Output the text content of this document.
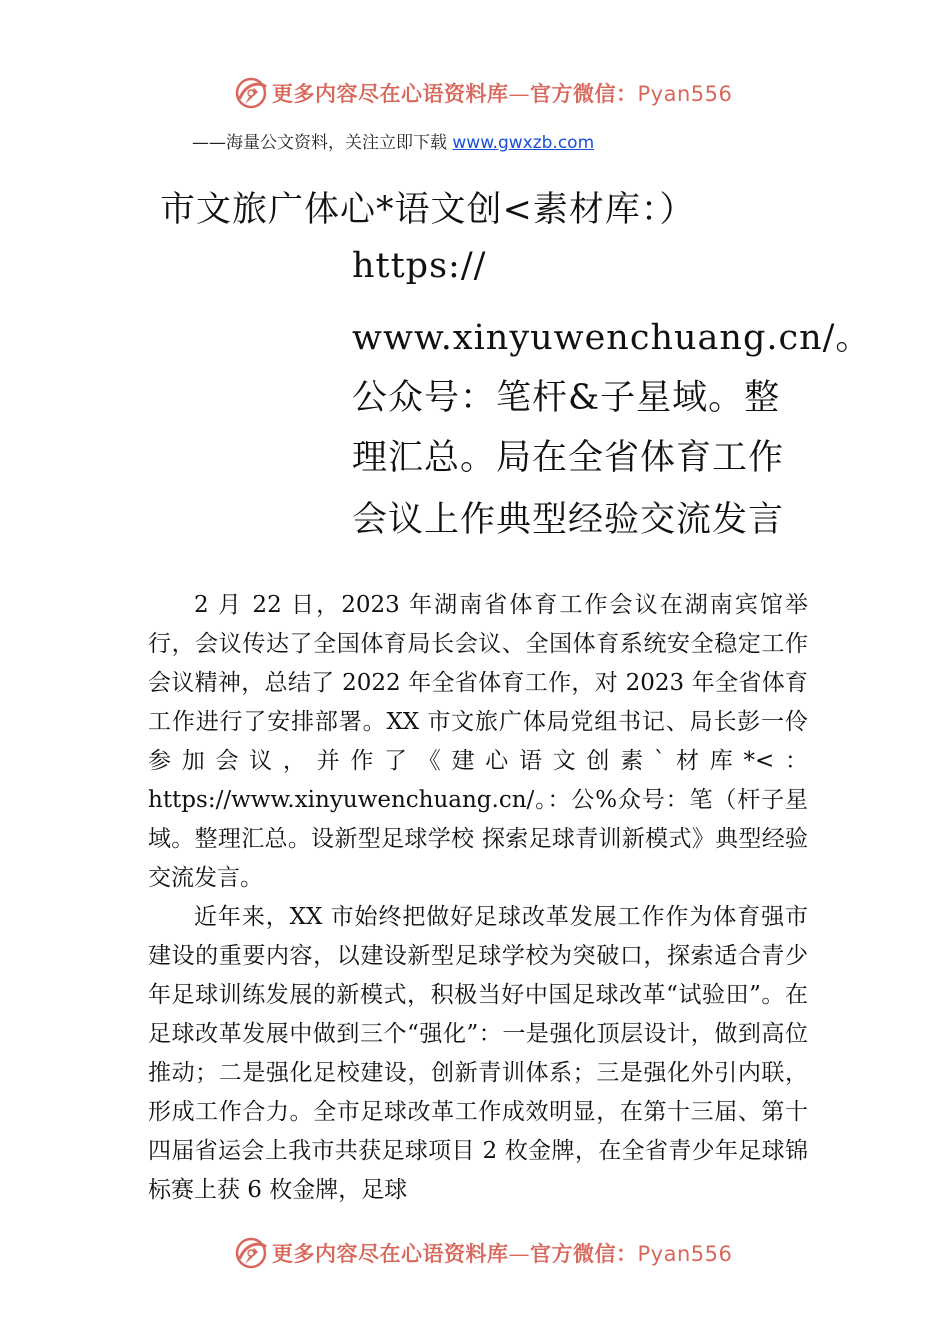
更多内容尽在心语资料库—官方微信：Pyan556
——海量公文资料，关注立即下载 www.gwxzb.com
市文旅广体心*语文创<素材库：）
https://
www.xinyuwenchuang.cn/。
公众号：笔杆&子星域。整
理汇总。局在全省体育工作
会议上作典型经验交流发言

2 月 22 日，2023 年湖南省体育工作会议在湖南宾馆举行，会议传达了全国体育局长会议、全国体育系统安全稳定工作会议精神，总结了 2022 年全省体育工作，对 2023 年全省体育工作进行了安排部署。XX 市文旅广体局党组书记、局长彭一伶参加会议，并作了《建心语文创素`材库*<：https://www.xinyuwenchuang.cn/。：公%众号：笔（杆子星域。整理汇总。设新型足球学校 探索足球青训新模式》典型经验交流发言。

近年来，XX 市始终把做好足球改革发展工作作为体育强市建设的重要内容，以建设新型足球学校为突破口，探索适合青少年足球训练发展的新模式，积极当好中国足球改革“试验田”。在足球改革发展中做到三个“强化”：一是强化顶层设计，做到高位推动；二是强化足校建设，创新青训体系；三是强化外引内联，形成工作合力。全市足球改革工作成效明显，在第十三届、第十四届省运会上我市共获足球项目 2 枚金牌，在全省青少年足球锦标赛上获 6 枚金牌，足球

更多内容尽在心语资料库—官方微信：Pyan556
